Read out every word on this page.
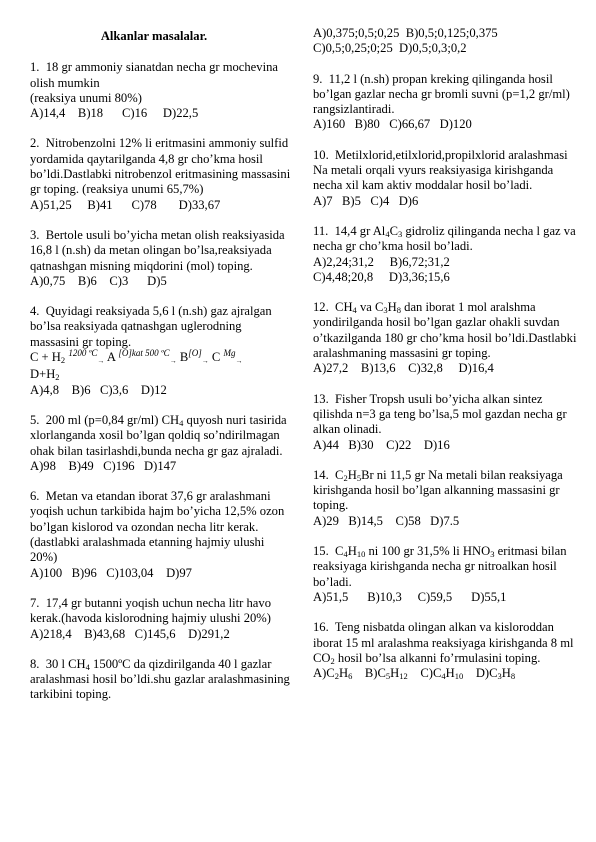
Alkanlar masalalar.

1. 18 gr ammoniy sianatdan necha gr mochevina olish mumkin

(reaksiya unumi 80%)

A)14,4    B)18      C)16     D)22,5

2. Nitrobenzolni 12% li eritmasini ammoniy sulfid yordamida qaytarilganda 4,8 gr cho’kma hosil bo’ldi.Dastlabki nitrobenzol eritmasining massasini gr toping. (reaksiya unumi 65,7%)

A)51,25     B)41      C)78       D)33,67

3. Bertole usuli bo’yicha metan olish reaksiyasida 16,8 l (n.sh) da metan olingan bo’lsa,reaksiyada qatnashgan misning miqdorini (mol) toping.

A)0,75    B)6    C)3      D)5

4. Quyidagi reaksiyada 5,6 l (n.sh) gaz ajralgan bo’lsa reaksiyada qatnashgan uglerodning massasini gr toping.

$C + H_2$ $^{1200 ºC}$→ A $^{[O]kat 500 ºC}$→ B[O]→ C $^{Mg}$→

$D+H_2$

A)4,8    B)6   C)3,6    D)12

5. 200 ml (p=0,84 gr/ml) $CH_4$ quyosh nuri tasirida xlorlanganda xosil bo’lgan qoldiq so’ndirilmagan ohak bilan tasirlashdi,bunda necha gr gaz ajraladi.

A)98    B)49   C)196   D)147

6. Metan va etandan iborat 37,6 gr aralashmani yoqish uchun tarkibida hajm bo’yicha 12,5% ozon bo’lgan kislorod va ozondan necha litr kerak.(dastlabki aralashmada etanning hajmiy ulushi 20%)

A)100   B)96   C)103,04    D)97

7. 17,4 gr butanni yoqish uchun necha litr havo kerak.(havoda kislorodning hajmiy ulushi 20%)

A)218,4    B)43,68   C)145,6    D)291,2

8. 30 l $CH_4$ 1500ºC da qizdirilganda 40 l gazlar aralashmasi hosil bo’ldi.shu gazlar aralashmasining tarkibini toping.

A)0,375;0,5;0,25  B)0,5;0,125;0,375

C)0,5;0,25;0;25  D)0,5;0,3;0,2

9. 11,2 l (n.sh) propan kreking qilinganda hosil bo’lgan gazlar necha gr bromli suvni (p=1,2 gr/ml) rangsizlantiradi.

A)160   B)80   C)66,67   D)120

10. Metilxlorid,etilxlorid,propilxlorid aralashmasi Na metali orqali vyurs reaksiyasiga kirishganda necha xil kam aktiv moddalar hosil bo’ladi.

A)7   B)5   C)4   D)6

11. 14,4 gr $Al_4C_3$ gidroliz qilinganda necha l gaz va necha gr cho’kma hosil bo’ladi.

A)2,24;31,2     B)6,72;31,2

C)4,48;20,8     D)3,36;15,6

12. $CH_4$ va $C_3H_8$ dan iborat 1 mol aralshma yondirilganda hosil bo’lgan gazlar ohakli suvdan o’tkazilganda 180 gr cho’kma hosil bo’ldi.Dastlabki aralashmaning massasini gr toping.

A)27,2    B)13,6    C)32,8     D)16,4

13. Fisher Tropsh usuli bo’yicha alkan sintez qilishda n=3 ga teng bo’lsa,5 mol gazdan necha gr alkan olinadi.

A)44   B)30    C)22    D)16

14. $C_2H_5Br$ ni 11,5 gr Na metali bilan reaksiyaga kirishganda hosil bo’lgan alkanning massasini gr toping.

A)29   B)14,5    C)58   D)7.5

15. $C_4H_{10}$ ni 100 gr 31,5% li $HNO_3$ eritmasi bilan reaksiyaga kirishganda necha gr nitroalkan hosil bo’ladi.

A)51,5      B)10,3     C)59,5      D)55,1

16. Teng nisbatda olingan alkan va kisloroddan iborat 15 ml aralashma reaksiyaga kirishganda 8 ml $CO_2$ hosil bo’lsa alkanni fo’rmulasini toping.

$A)C_2H_6$ $B)C_5H_{12}$ $C)C_4H_{10}$ $D)C_3H_8$
